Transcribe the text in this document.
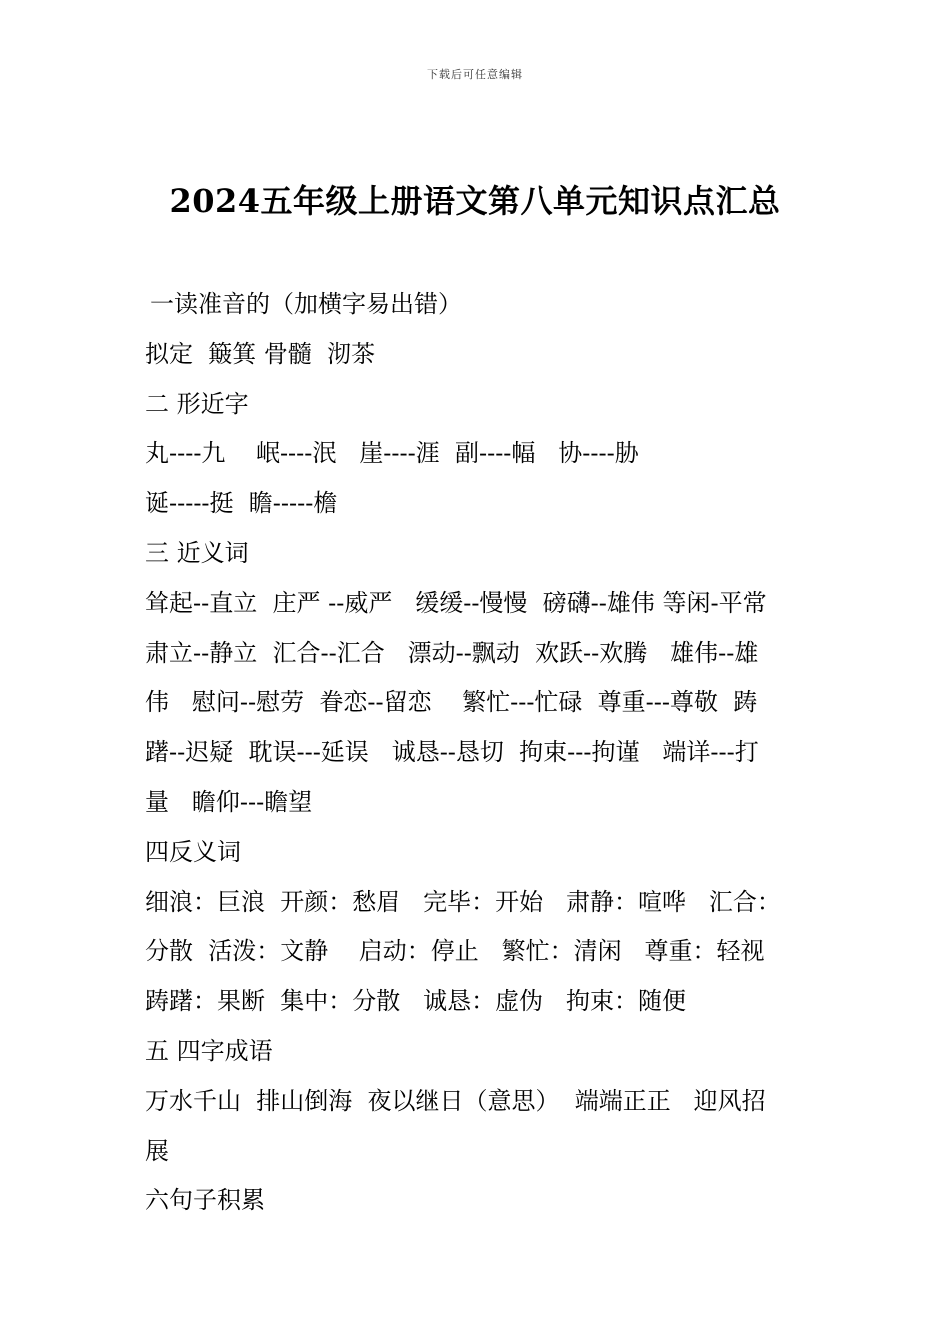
下载后可任意编辑
2024五年级上册语文第八单元知识点汇总
一读准音的（加横字易出错）
拟定  簸箕 骨髓  沏茶
二 形近字
丸----九    岷----泯   崖----涯  副----幅   协----胁
诞-----挺  瞻-----檐
三 近义词
耸起--直立  庄严 --威严   缓缓--慢慢  磅礴--雄伟 等闲-平常
肃立--静立  汇合--汇合   漂动--飘动  欢跃--欢腾   雄伟--雄
伟   慰问--慰劳  眷恋--留恋    繁忙---忙碌  尊重---尊敬  踌
躇--迟疑  耽误---延误   诚恳--恳切  拘束---拘谨   端详---打
量   瞻仰---瞻望
四反义词
细浪：巨浪  开颜：愁眉   完毕：开始   肃静：喧哗   汇合：
分散  活泼：文静    启动：停止   繁忙：清闲   尊重：轻视
踌躇：果断  集中：分散   诚恳：虚伪   拘束：随便
五 四字成语
万水千山  排山倒海  夜以继日（意思）  端端正正   迎风招
展
六句子积累
